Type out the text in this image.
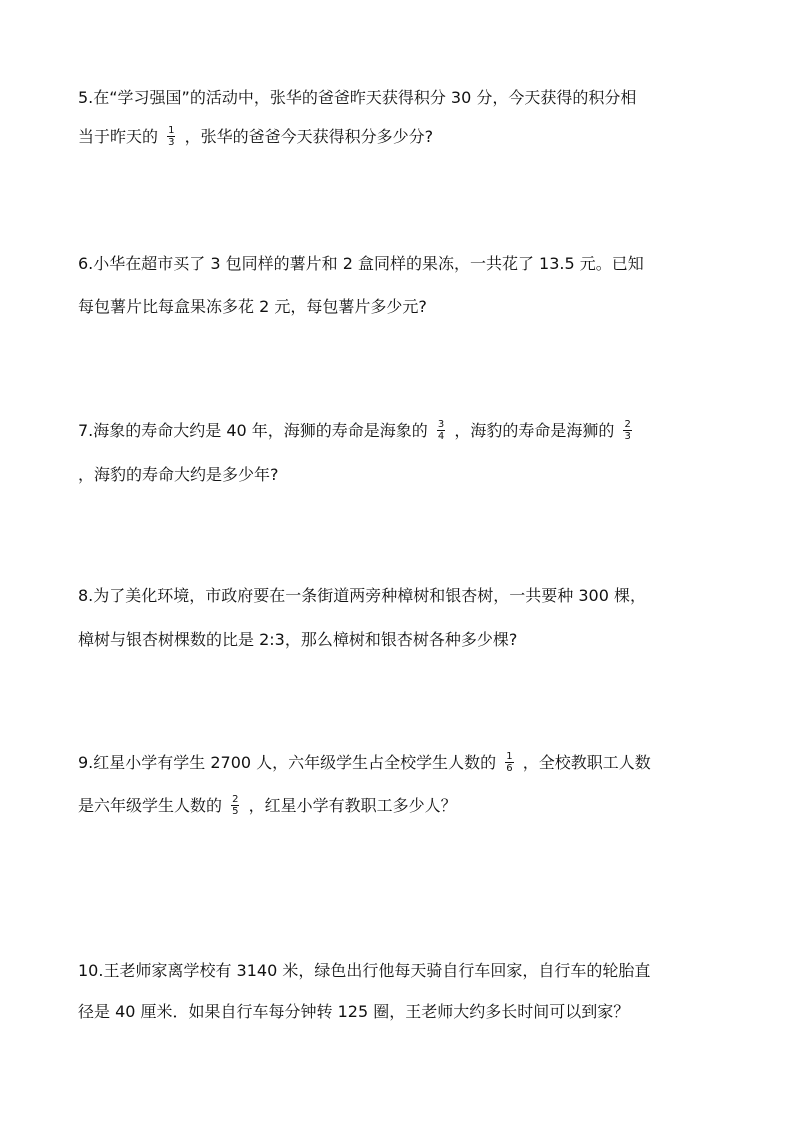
5.在“学习强国”的活动中，张华的爸爸昨天获得积分 30 分，今天获得的积分相
当于昨天的 $\frac{1}{3}$ ，张华的爸爸今天获得积分多少分?
6.小华在超市买了 3 包同样的薯片和 2 盒同样的果冻，一共花了 13.5 元。已知
每包薯片比每盒果冻多花 2 元，每包薯片多少元?
7.海象的寿命大约是 40 年，海狮的寿命是海象的 $\frac{3}{4}$ ，海豹的寿命是海狮的 $\frac{2}{3}$
，海豹的寿命大约是多少年?
8.为了美化环境，市政府要在一条街道两旁种樟树和银杏树，一共要种 300 棵，
樟树与银杏树棵数的比是 2:3，那么樟树和银杏树各种多少棵?
9.红星小学有学生 2700 人，六年级学生占全校学生人数的 $\frac{1}{6}$ ，全校教职工人数
是六年级学生人数的 $\frac{2}{5}$ ，红星小学有教职工多少人？
10.王老师家离学校有 3140 米，绿色出行他每天骑自行车回家，自行车的轮胎直
径是 40 厘米．如果自行车每分钟转 125 圈，王老师大约多长时间可以到家？
